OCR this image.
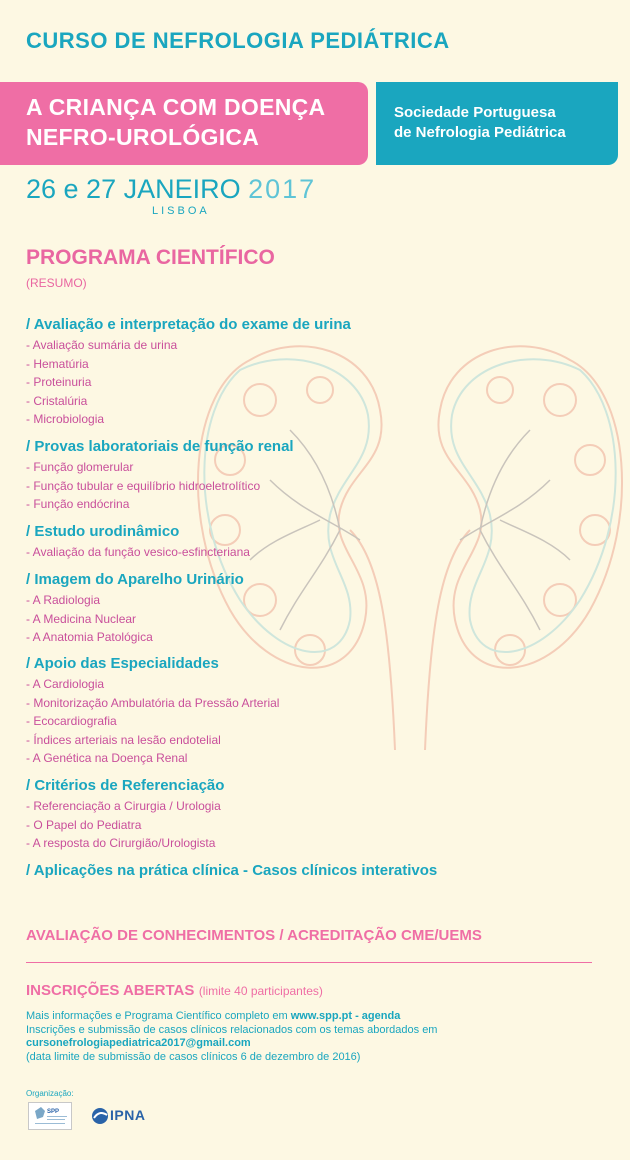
CURSO DE NEFROLOGIA PEDIÁTRICA
A CRIANÇA COM DOENÇA
NEFRO-UROLÓGICA
Sociedade Portuguesa
de Nefrologia Pediátrica
26 e 27 JANEIRO 2017
LISBOA
PROGRAMA CIENTÍFICO
(RESUMO)
/ Avaliação e interpretação do exame de urina
- Avaliação sumária de urina
- Hematúria
- Proteinuria
- Cristalúria
- Microbiologia
/ Provas laboratoriais de função renal
- Função glomerular
- Função tubular e equilíbrio hidroeletrolítico
- Função endócrina
/ Estudo urodinâmico
- Avaliação da função vesico-esfincteriana
/ Imagem do Aparelho Urinário
- A Radiologia
- A Medicina Nuclear
- A Anatomia Patológica
/ Apoio das Especialidades
- A Cardiologia
- Monitorização Ambulatória da Pressão Arterial
- Ecocardiografia
- Índices arteriais na lesão endotelial
- A Genética na Doença Renal
/ Critérios de Referenciação
- Referenciação a Cirurgia / Urologia
- O Papel do Pediatra
- A resposta do Cirurgião/Urologista
/ Aplicações na prática clínica - Casos clínicos interativos
AVALIAÇÃO DE CONHECIMENTOS / ACREDITAÇÃO CME/UEMS
INSCRIÇÕES ABERTAS (limite 40 participantes)
Mais informações e Programa Científico completo em www.spp.pt - agenda
Inscrições e submissão de casos clínicos relacionados com os temas abordados em
cursonefrologiapediatrica2017@gmail.com
(data limite de submissão de casos clínicos 6 de dezembro de 2016)
Organização:
SPP	IPNA
